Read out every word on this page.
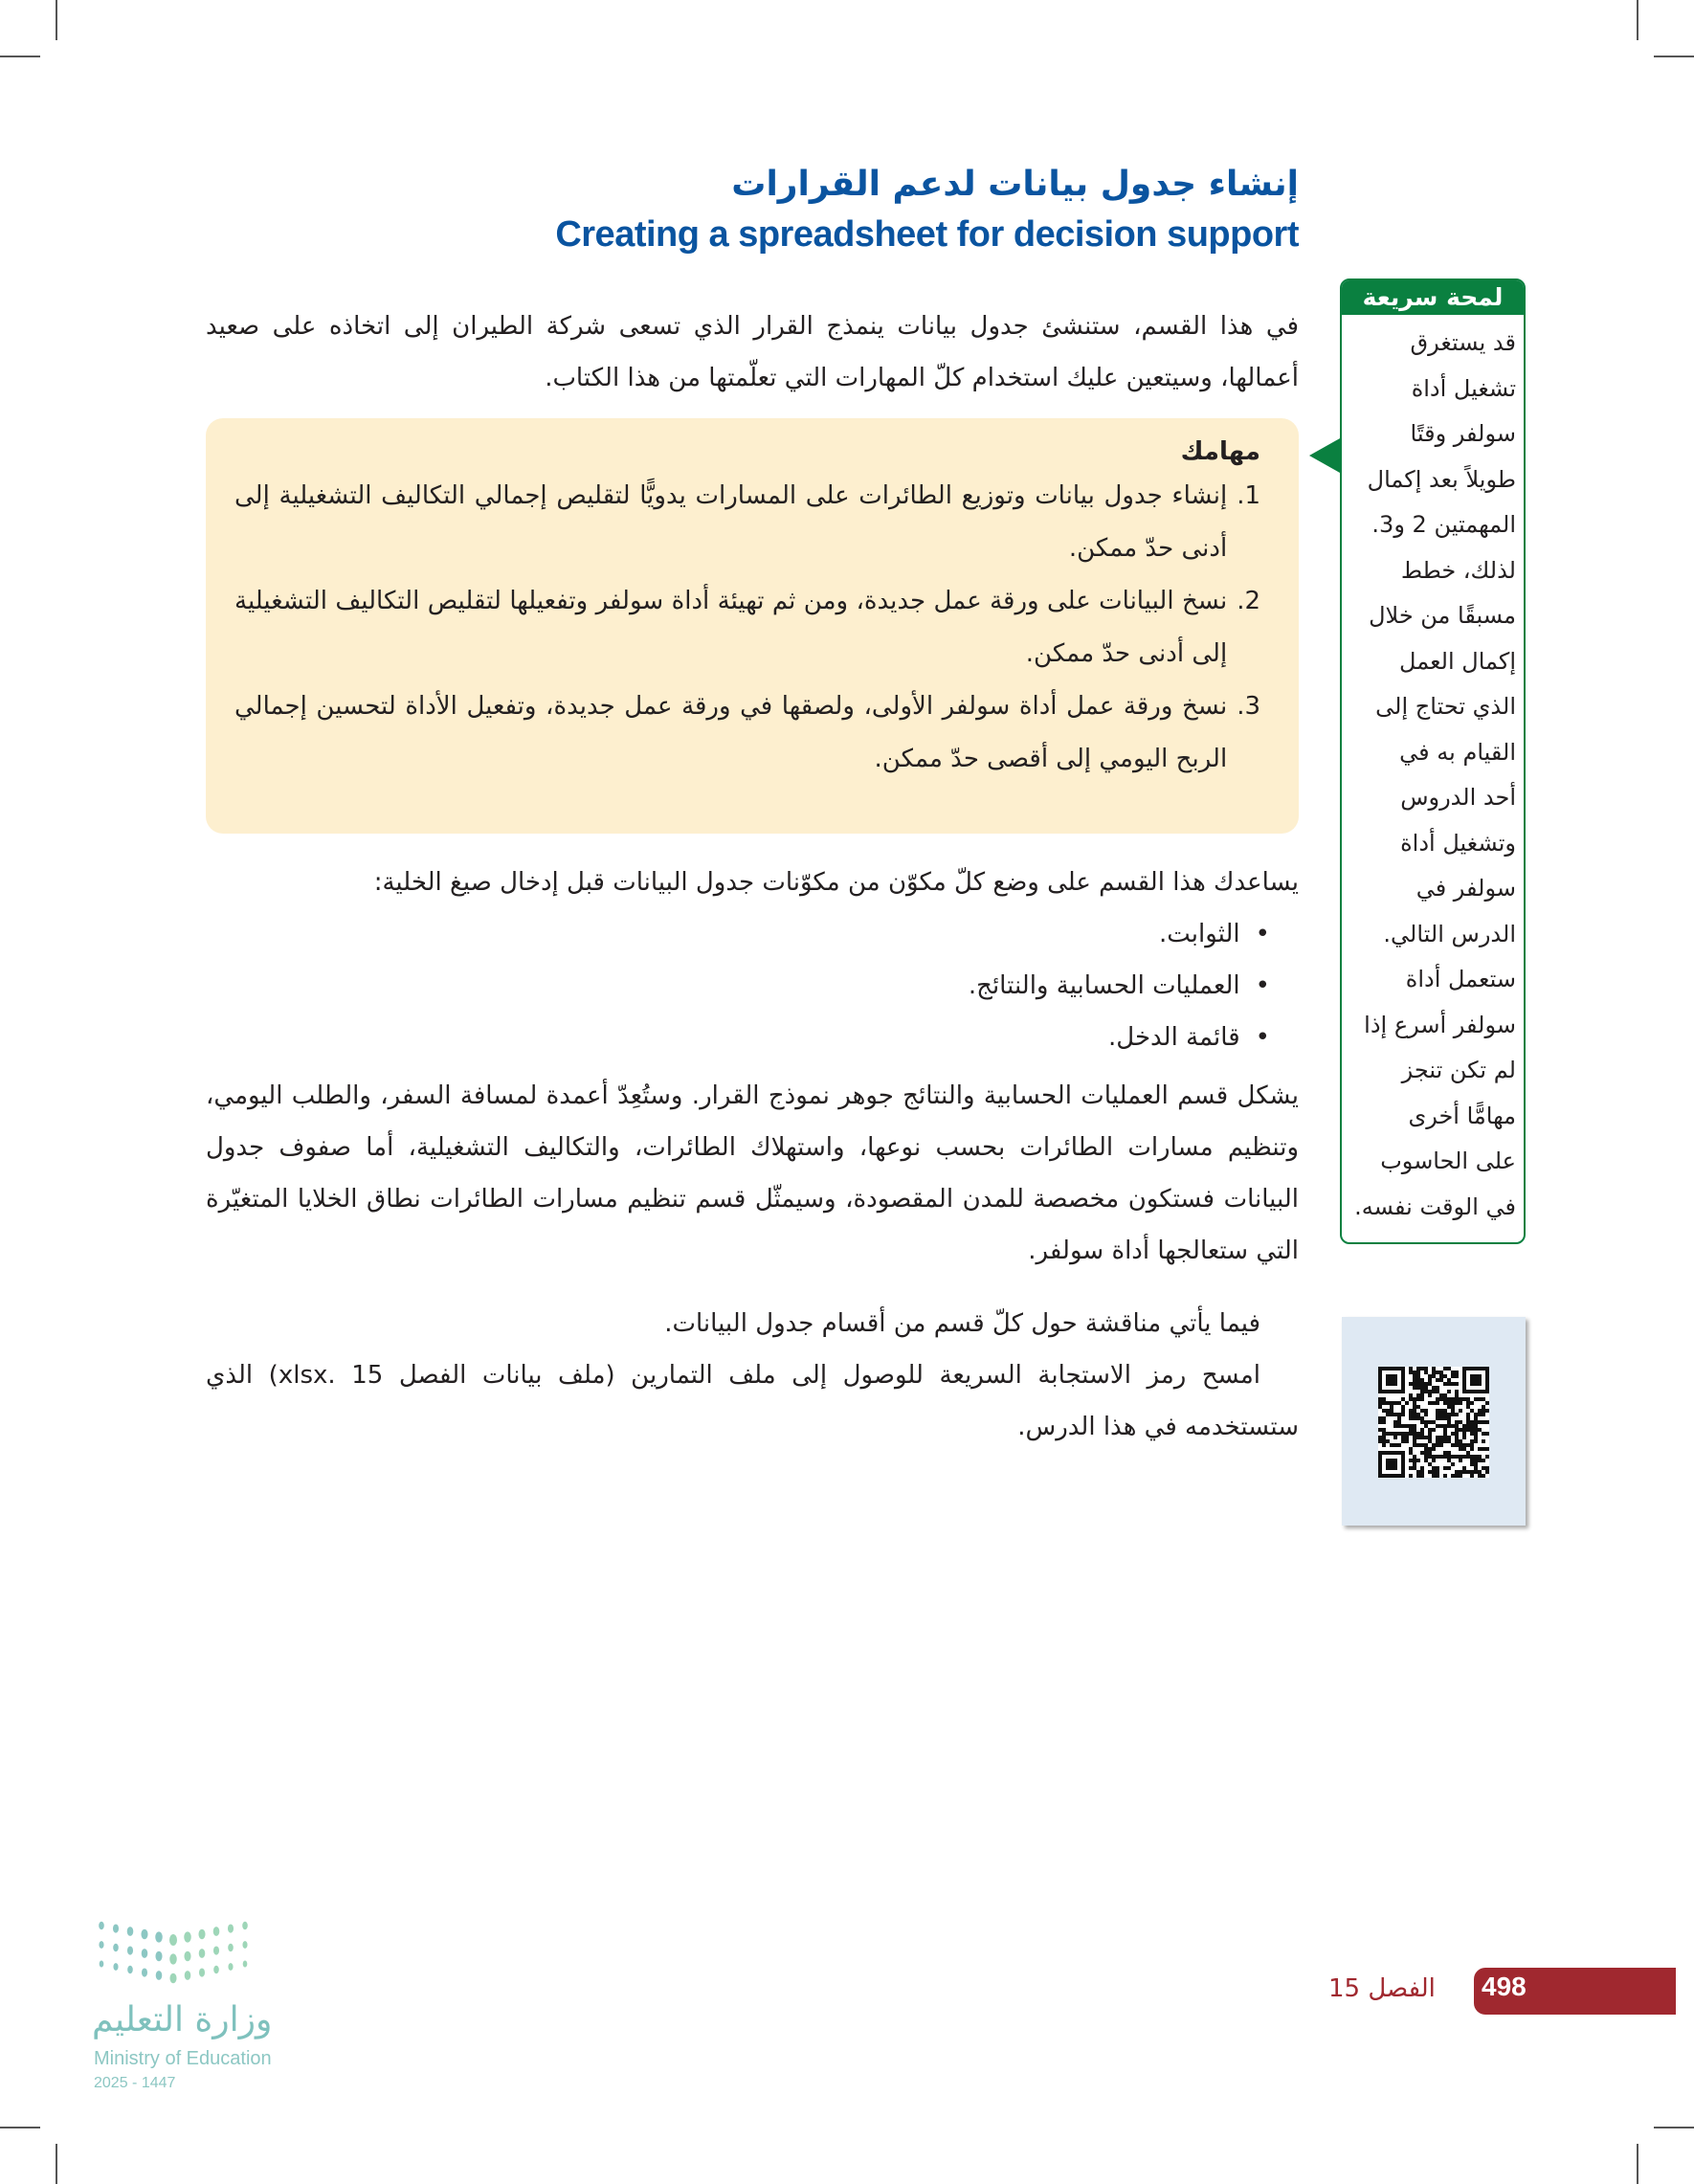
إنشاء جدول بيانات لدعم القرارات
Creating a spreadsheet for decision support
في هذا القسم، ستنشئ جدول بيانات ينمذج القرار الذي تسعى شركة الطيران إلى اتخاذه على صعيد أعمالها، وسيتعين عليك استخدام كلّ المهارات التي تعلّمتها من هذا الكتاب.
مهامك
1.
إنشاء جدول بيانات وتوزيع الطائرات على المسارات يدويًّا لتقليص إجمالي التكاليف التشغيلية إلى أدنى حدّ ممكن.
2.
نسخ البيانات على ورقة عمل جديدة، ومن ثم تهيئة أداة سولفر وتفعيلها لتقليص التكاليف التشغيلية إلى أدنى حدّ ممكن.
3.
نسخ ورقة عمل أداة سولفر الأولى، ولصقها في ورقة عمل جديدة، وتفعيل الأداة لتحسين إجمالي الربح اليومي إلى أقصى حدّ ممكن.
يساعدك هذا القسم على وضع كلّ مكوّن من مكوّنات جدول البيانات قبل إدخال صيغ الخلية:
• الثوابت.
• العمليات الحسابية والنتائج.
• قائمة الدخل.
يشكل قسم العمليات الحسابية والنتائج جوهر نموذج القرار. وستُعِدّ أعمدة لمسافة السفر، والطلب اليومي، وتنظيم مسارات الطائرات بحسب نوعها، واستهلاك الطائرات، والتكاليف التشغيلية، أما صفوف جدول البيانات فستكون مخصصة للمدن المقصودة، وسيمثّل قسم تنظيم مسارات الطائرات نطاق الخلايا المتغيّرة التي ستعالجها أداة سولفر.
فيما يأتي مناقشة حول كلّ قسم من أقسام جدول البيانات.
امسح رمز الاستجابة السريعة للوصول إلى ملف التمارين (ملف بيانات الفصل 15 .xlsx) الذي ستستخدمه في هذا الدرس.
لمحة سريعة
قد يستغرق
تشغيل أداة
سولفر وقتًا
طويلاً بعد إكمال
المهمتين 2 و3.
لذلك، خطط
مسبقًا من خلال
إكمال العمل
الذي تحتاج إلى
القيام به في
أحد الدروس
وتشغيل أداة
سولفر في
الدرس التالي.
ستعمل أداة
سولفر أسرع إذا
لم تكن تنجز
مهامًّا أخرى
على الحاسوب
في الوقت نفسه.
498
الفصل 15
وزارة التعليم
Ministry of Education
2025 - 1447
